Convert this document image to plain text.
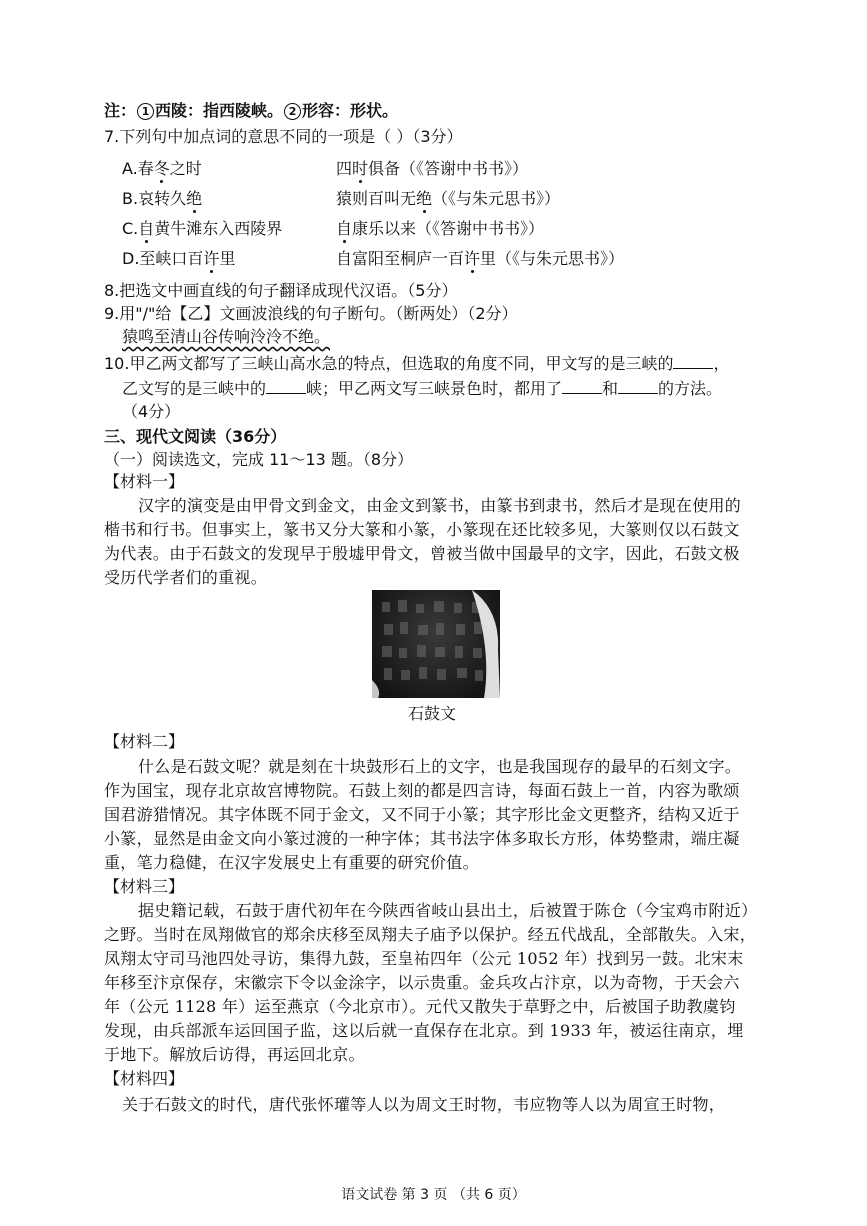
注： 1 西陵：指西陵峡。 2 形容：形状。
7.下列句中加点词的意思不同的一项是（ ）（3分）
A.春冬之时	四时俱备（《答谢中书书》）
B.哀转久绝	猿则百叫无绝（《与朱元思书》）
C.自黄牛滩东入西陵界	自康乐以来（《答谢中书书》）
D.至峡口百许里	自富阳至桐庐一百许里（《与朱元思书》）
8.把选文中画直线的句子翻译成现代汉语。（5分）
9.用"/"给【乙】文画波浪线的句子断句。（断两处）（2分）
猿鸣至清山谷传响泠泠不绝。
10.甲乙两文都写了三峡山高水急的特点，但选取的角度不同，甲文写的是三峡的	，
乙文写的是三峡中的	峡；甲乙两文写三峡景色时，都用了	和	的方法。
（4分）
三、现代文阅读（36分）
（一）阅读选文，完成 11～13 题。（8分）
【材料一】
汉字的演变是由甲骨文到金文，由金文到篆书，由篆书到隶书，然后才是现在使用的
楷书和行书。但事实上，篆书又分大篆和小篆，小篆现在还比较多见，大篆则仅以石鼓文
为代表。由于石鼓文的发现早于殷墟甲骨文，曾被当做中国最早的文字，因此，石鼓文极
受历代学者们的重视。
石鼓文
【材料二】
什么是石鼓文呢？就是刻在十块鼓形石上的文字，也是我国现存的最早的石刻文字。
作为国宝，现存北京故宫博物院。石鼓上刻的都是四言诗，每面石鼓上一首，内容为歌颂
国君游猎情况。其字体既不同于金文，又不同于小篆；其字形比金文更整齐，结构又近于
小篆，显然是由金文向小篆过渡的一种字体；其书法字体多取长方形，体势整肃，端庄凝
重，笔力稳健，在汉字发展史上有重要的研究价值。
【材料三】
据史籍记载，石鼓于唐代初年在今陕西省岐山县出土，后被置于陈仓（今宝鸡市附近）
之野。当时在凤翔做官的郑余庆移至凤翔夫子庙予以保护。经五代战乱，全部散失。入宋，
凤翔太守司马池四处寻访，集得九鼓，至皇祐四年（公元 1052 年）找到另一鼓。北宋末
年移至汴京保存，宋徽宗下令以金涂字，以示贵重。金兵攻占汴京，以为奇物，于天会六
年（公元 1128 年）运至燕京（今北京市）。元代又散失于草野之中，后被国子助教虞钧
发现，由兵部派车运回国子监，这以后就一直保存在北京。到 1933 年，被运往南京，埋
于地下。解放后访得，再运回北京。
【材料四】
关于石鼓文的时代，唐代张怀瓘等人以为周文王时物，韦应物等人以为周宣王时物，
语文试卷 第 3 页 （共 6 页）
